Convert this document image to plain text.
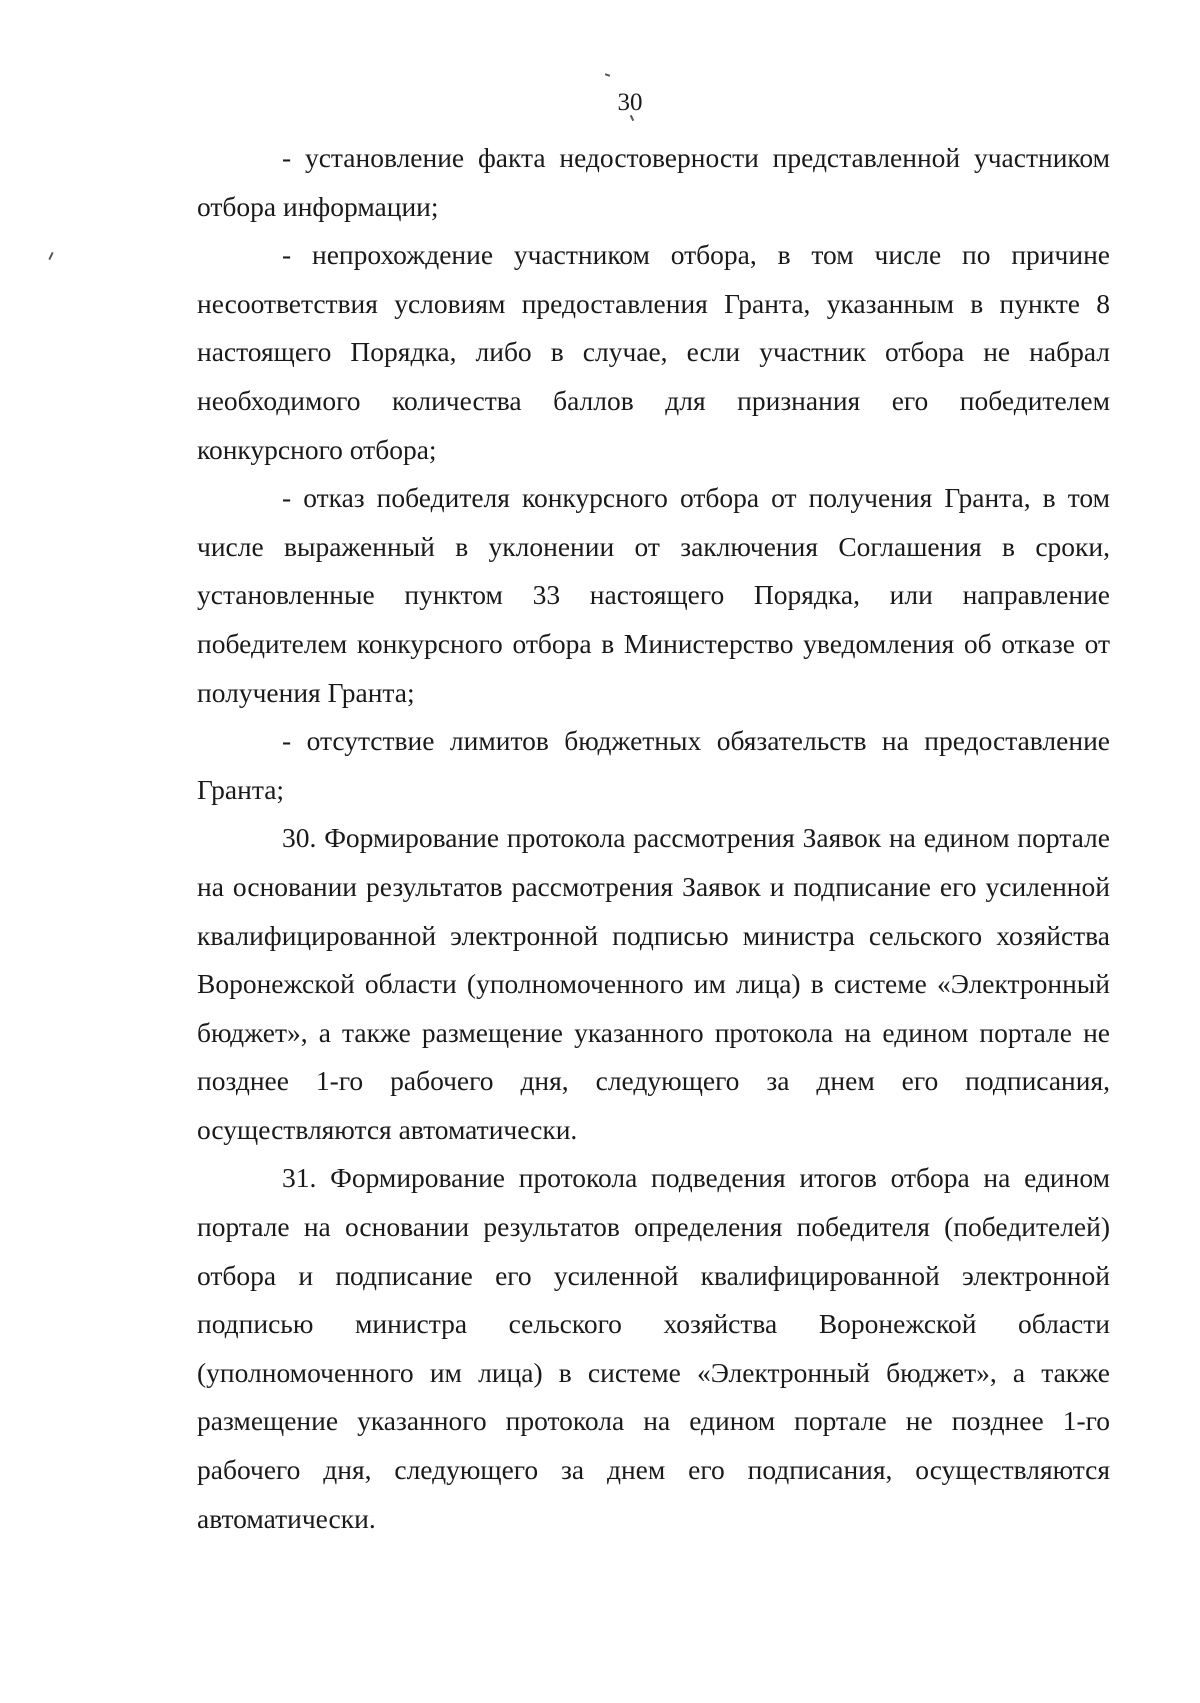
30

- установление факта недостоверности представленной участником отбора информации;

- непрохождение участником отбора, в том числе по причине несоответствия условиям предоставления Гранта, указанным в пункте 8 настоящего Порядка, либо в случае, если участник отбора не набрал необходимого количества баллов для признания его победителем конкурсного отбора;

- отказ победителя конкурсного отбора от получения Гранта, в том числе выраженный в уклонении от заключения Соглашения в сроки, установленные пунктом 33 настоящего Порядка, или направление победителем конкурсного отбора в Министерство уведомления об отказе от получения Гранта;

- отсутствие лимитов бюджетных обязательств на предоставление Гранта;

30. Формирование протокола рассмотрения Заявок на едином портале на основании результатов рассмотрения Заявок и подписание его усиленной квалифицированной электронной подписью министра сельского хозяйства Воронежской области (уполномоченного им лица) в системе «Электронный бюджет», а также размещение указанного протокола на едином портале не позднее 1-го рабочего дня, следующего за днем его подписания, осуществляются автоматически.

31. Формирование протокола подведения итогов отбора на едином портале на основании результатов определения победителя (победителей) отбора и подписание его усиленной квалифицированной электронной подписью министра сельского хозяйства Воронежской области (уполномоченного им лица) в системе «Электронный бюджет», а также размещение указанного протокола на едином портале не позднее 1-го рабочего дня, следующего за днем его подписания, осуществляются автоматически.
